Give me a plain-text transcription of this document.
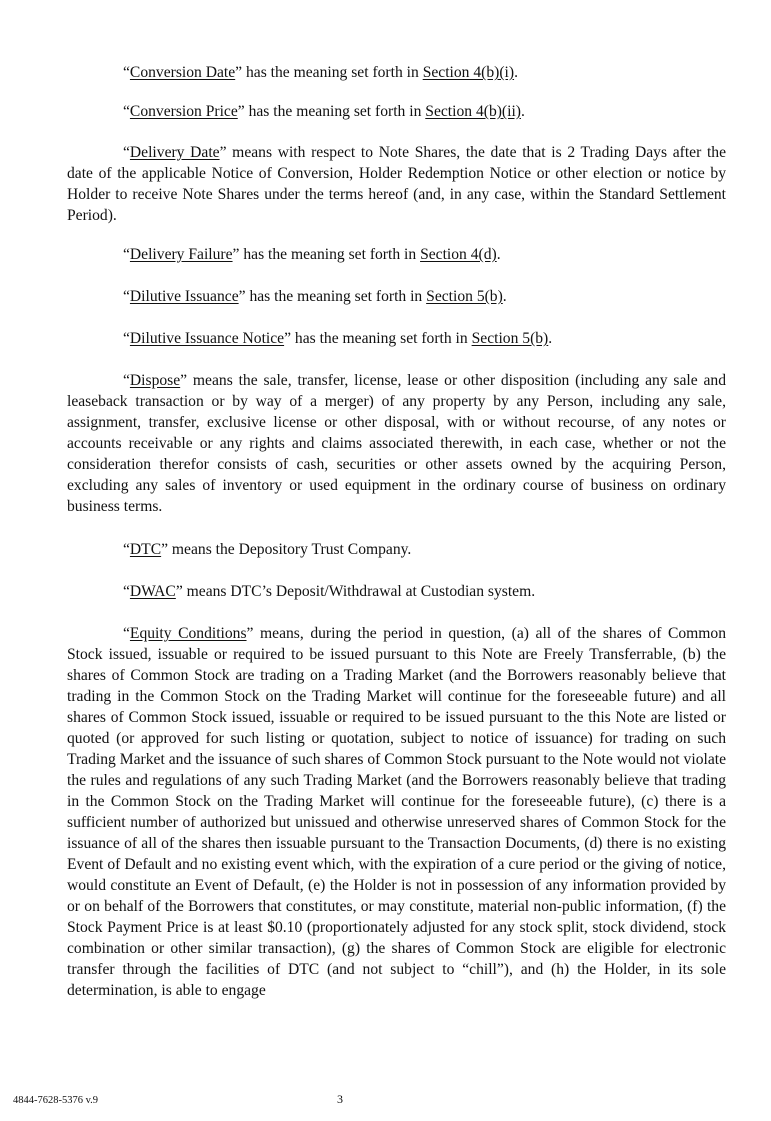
“Conversion Date” has the meaning set forth in Section 4(b)(i).

“Conversion Price” has the meaning set forth in Section 4(b)(ii).

“Delivery Date” means with respect to Note Shares, the date that is 2 Trading Days after the date of the applicable Notice of Conversion, Holder Redemption Notice or other election or notice by Holder to receive Note Shares under the terms hereof (and, in any case, within the Standard Settlement Period).

“Delivery Failure” has the meaning set forth in Section 4(d).

“Dilutive Issuance” has the meaning set forth in Section 5(b).

“Dilutive Issuance Notice” has the meaning set forth in Section 5(b).

“Dispose” means the sale, transfer, license, lease or other disposition (including any sale and leaseback transaction or by way of a merger) of any property by any Person, including any sale, assignment, transfer, exclusive license or other disposal, with or without recourse, of any notes or accounts receivable or any rights and claims associated therewith, in each case, whether or not the consideration therefor consists of cash, securities or other assets owned by the acquiring Person, excluding any sales of inventory or used equipment in the ordinary course of business on ordinary business terms.

“DTC” means the Depository Trust Company.

“DWAC” means DTC’s Deposit/Withdrawal at Custodian system.

“Equity Conditions” means, during the period in question, (a) all of the shares of Common Stock issued, issuable or required to be issued pursuant to this Note are Freely Transferrable, (b) the shares of Common Stock are trading on a Trading Market (and the Borrowers reasonably believe that trading in the Common Stock on the Trading Market will continue for the foreseeable future) and all shares of Common Stock issued, issuable or required to be issued pursuant to the this Note are listed or quoted (or approved for such listing or quotation, subject to notice of issuance) for trading on such Trading Market and the issuance of such shares of Common Stock pursuant to the Note would not violate the rules and regulations of any such Trading Market (and the Borrowers reasonably believe that trading in the Common Stock on the Trading Market will continue for the foreseeable future), (c) there is a sufficient number of authorized but unissued and otherwise unreserved shares of Common Stock for the issuance of all of the shares then issuable pursuant to the Transaction Documents, (d) there is no existing Event of Default and no existing event which, with the expiration of a cure period or the giving of notice, would constitute an Event of Default, (e) the Holder is not in possession of any information provided by or on behalf of the Borrowers that constitutes, or may constitute, material non-public information, (f) the Stock Payment Price is at least $0.10 (proportionately adjusted for any stock split, stock dividend, stock combination or other similar transaction), (g) the shares of Common Stock are eligible for electronic transfer through the facilities of DTC (and not subject to “chill”), and (h) the Holder, in its sole determination, is able to engage

4844-7628-5376 v.9	3
